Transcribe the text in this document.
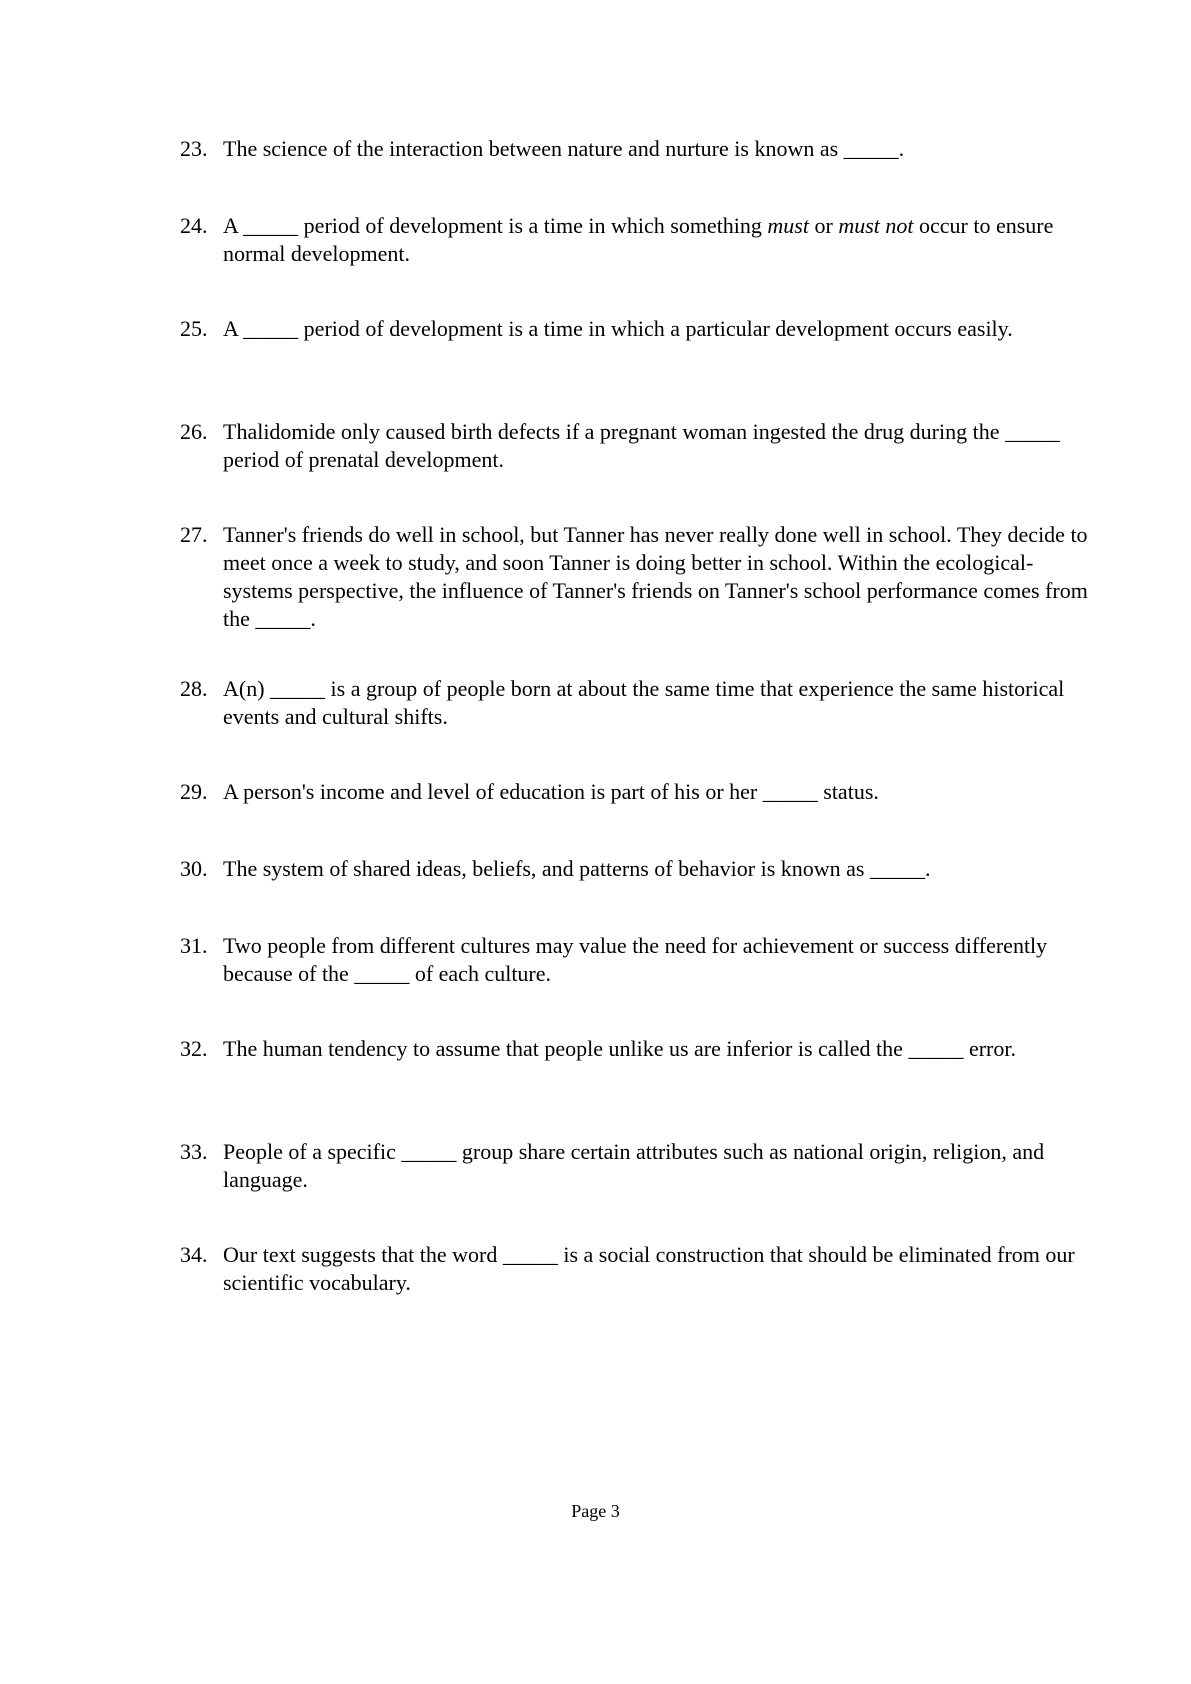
23. The science of the interaction between nature and nurture is known as _____.
24. A _____ period of development is a time in which something must or must not occur to ensure normal development.
25. A _____ period of development is a time in which a particular development occurs easily.
26. Thalidomide only caused birth defects if a pregnant woman ingested the drug during the _____ period of prenatal development.
27. Tanner's friends do well in school, but Tanner has never really done well in school. They decide to meet once a week to study, and soon Tanner is doing better in school. Within the ecological-systems perspective, the influence of Tanner's friends on Tanner's school performance comes from the _____.
28. A(n) _____ is a group of people born at about the same time that experience the same historical events and cultural shifts.
29. A person's income and level of education is part of his or her _____ status.
30. The system of shared ideas, beliefs, and patterns of behavior is known as _____.
31. Two people from different cultures may value the need for achievement or success differently because of the _____ of each culture.
32. The human tendency to assume that people unlike us are inferior is called the _____ error.
33. People of a specific _____ group share certain attributes such as national origin, religion, and language.
34. Our text suggests that the word _____ is a social construction that should be eliminated from our scientific vocabulary.
Page 3
